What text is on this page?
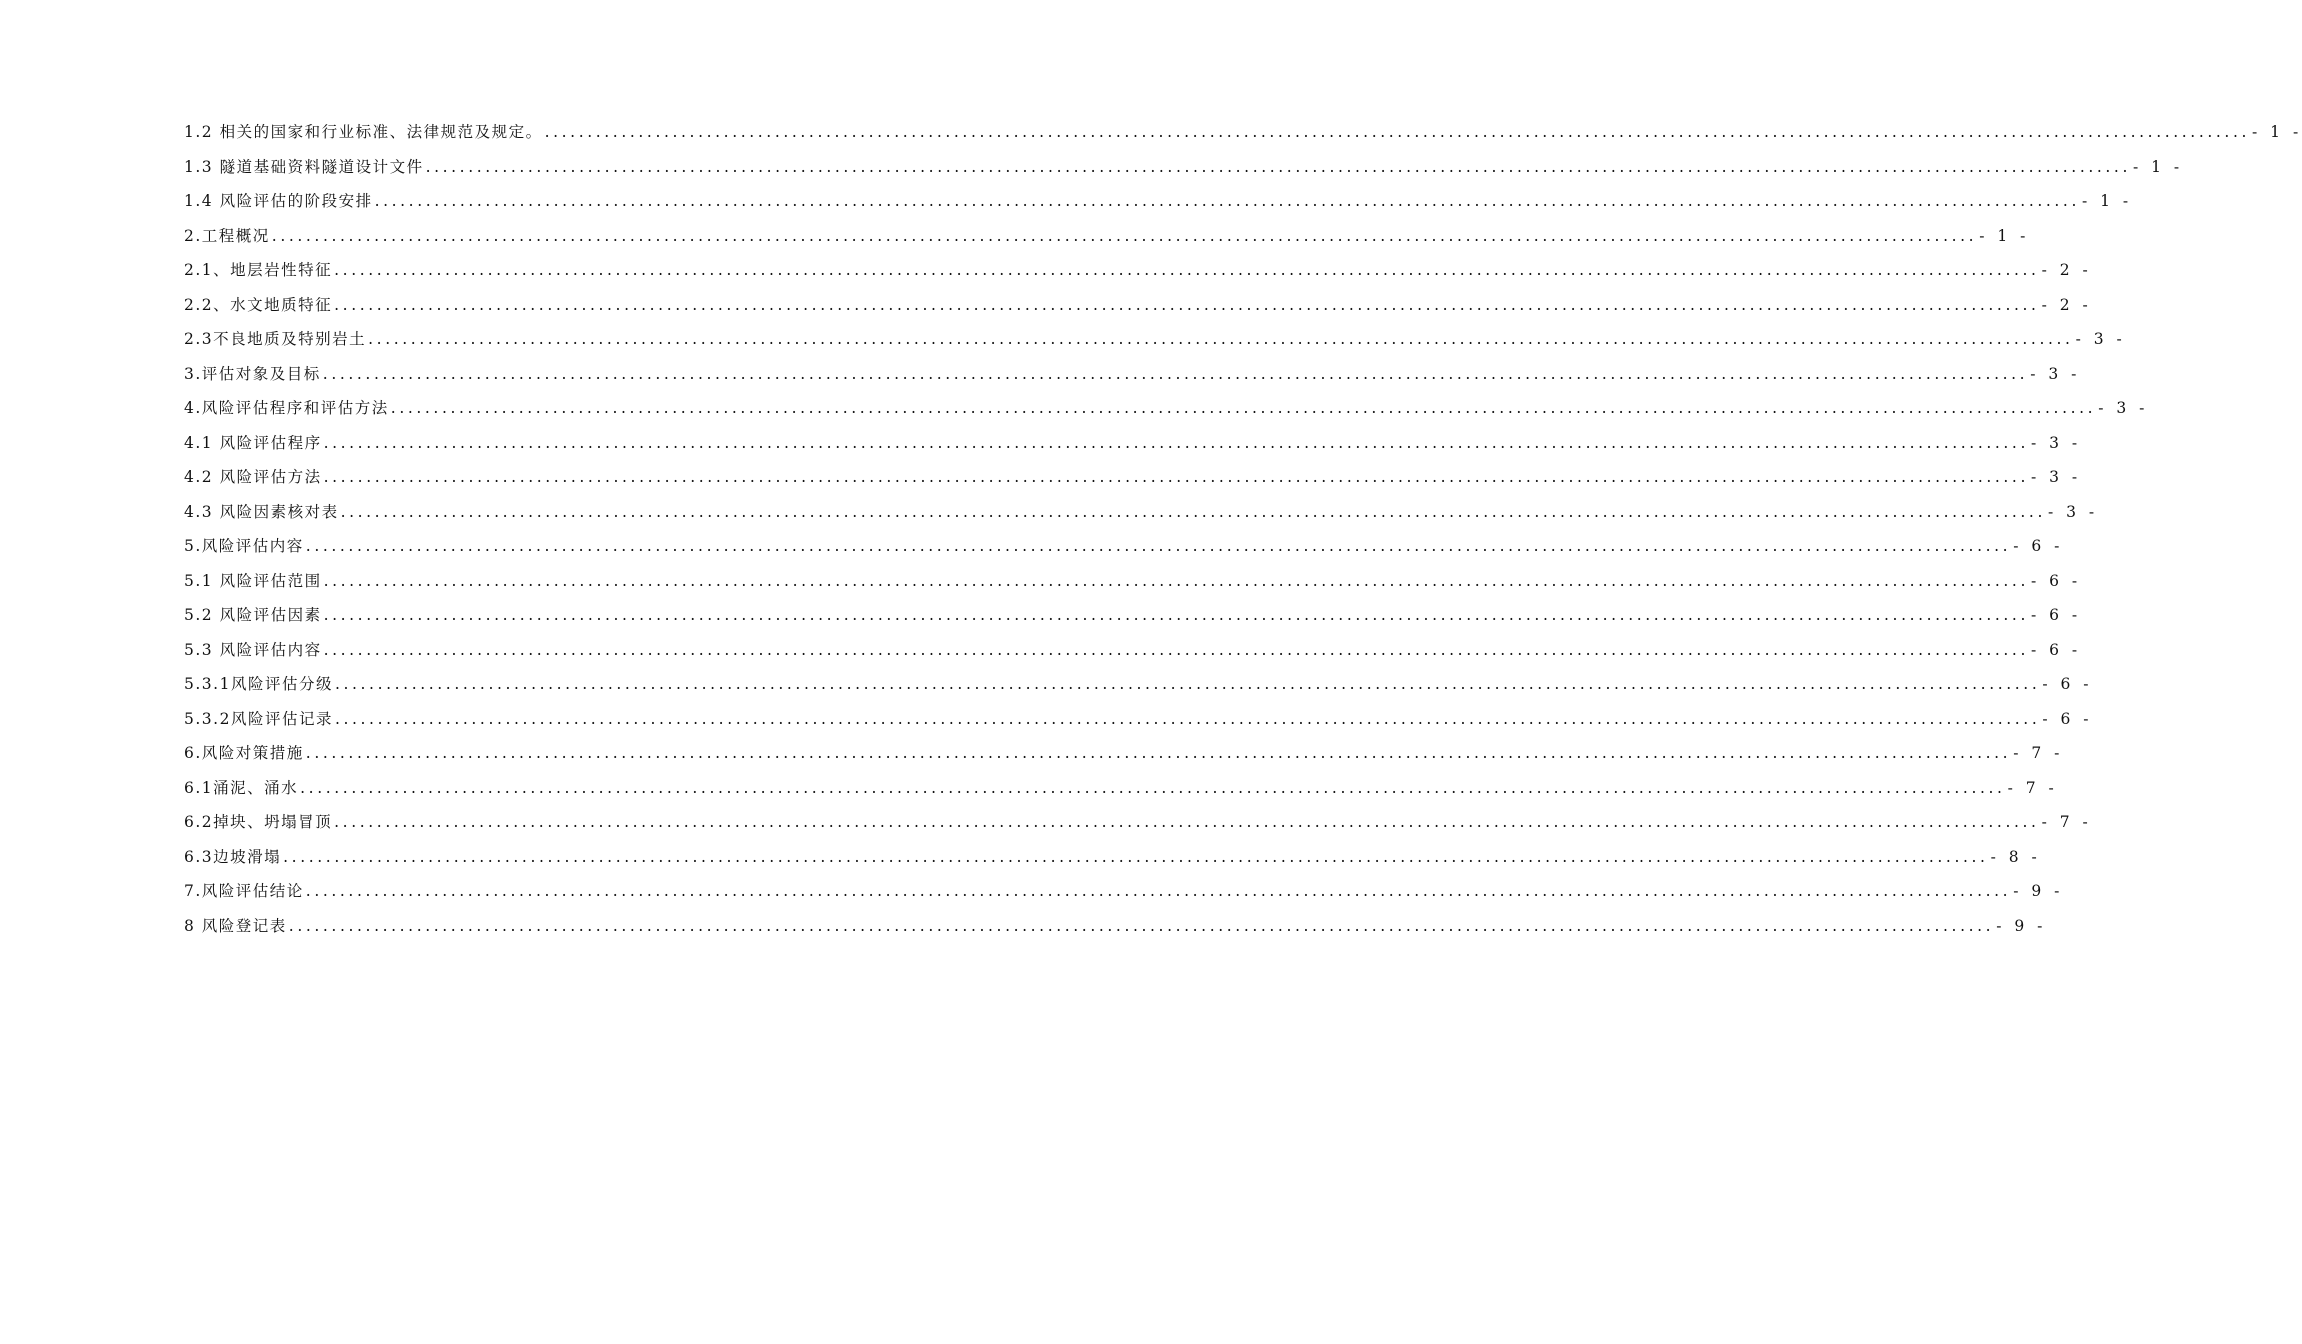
1.2 相关的国家和行业标准、法律规范及规定。 ........................................................................................................................................................................................................ - 1 -
1.3 隧道基础资料隧道设计文件 ........................................................................................................................................................................................................ - 1 -
1.4 风险评估的阶段安排 ........................................................................................................................................................................................................ - 1 -
2.工程概况 ........................................................................................................................................................................................................ - 1 -
2.1、地层岩性特征 ........................................................................................................................................................................................................ - 2 -
2.2、水文地质特征 ........................................................................................................................................................................................................ - 2 -
2.3不良地质及特别岩土 ........................................................................................................................................................................................................ - 3 -
3.评估对象及目标 ........................................................................................................................................................................................................ - 3 -
4.风险评估程序和评估方法 ........................................................................................................................................................................................................ - 3 -
4.1 风险评估程序 ........................................................................................................................................................................................................ - 3 -
4.2 风险评估方法 ........................................................................................................................................................................................................ - 3 -
4.3 风险因素核对表 ........................................................................................................................................................................................................ - 3 -
5.风险评估内容 ........................................................................................................................................................................................................ - 6 -
5.1 风险评估范围 ........................................................................................................................................................................................................ - 6 -
5.2 风险评估因素 ........................................................................................................................................................................................................ - 6 -
5.3 风险评估内容 ........................................................................................................................................................................................................ - 6 -
5.3.1风险评估分级 ........................................................................................................................................................................................................ - 6 -
5.3.2风险评估记录 ........................................................................................................................................................................................................ - 6 -
6.风险对策措施 ........................................................................................................................................................................................................ - 7 -
6.1涌泥、涌水 ........................................................................................................................................................................................................ - 7 -
6.2掉块、坍塌冒顶 ........................................................................................................................................................................................................ - 7 -
6.3边坡滑塌 ........................................................................................................................................................................................................ - 8 -
7.风险评估结论 ........................................................................................................................................................................................................ - 9 -
8 风险登记表 ........................................................................................................................................................................................................ - 9 -
